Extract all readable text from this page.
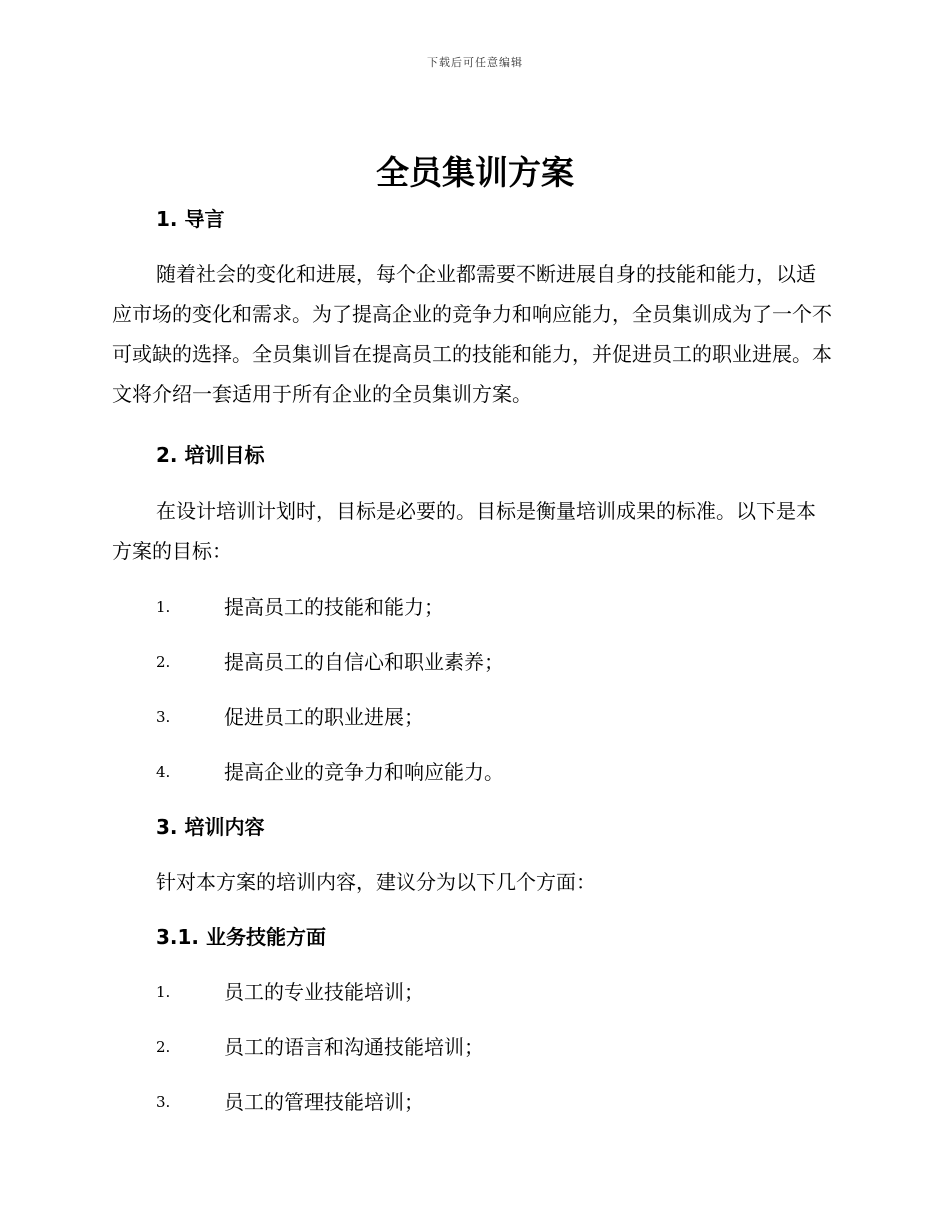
下载后可任意编辑
全员集训方案
1. 导言

随着社会的变化和进展，每个企业都需要不断进展自身的技能和能力，以适应市场的变化和需求。为了提高企业的竞争力和响应能力，全员集训成为了一个不可或缺的选择。全员集训旨在提高员工的技能和能力，并促进员工的职业进展。本文将介绍一套适用于所有企业的全员集训方案。

2. 培训目标

在设计培训计划时，目标是必要的。目标是衡量培训成果的标准。以下是本方案的目标：

1.	提高员工的技能和能力；
2.	提高员工的自信心和职业素养；
3.	促进员工的职业进展；
4.	提高企业的竞争力和响应能力。
3. 培训内容

针对本方案的培训内容，建议分为以下几个方面：

3.1. 业务技能方面
1.	员工的专业技能培训；
2.	员工的语言和沟通技能培训；
3.	员工的管理技能培训；
